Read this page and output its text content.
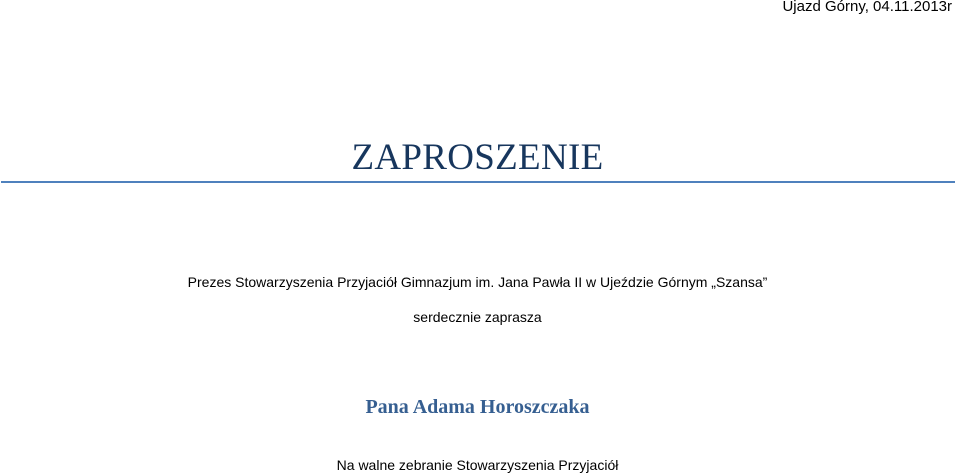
Ujazd Górny, 04.11.2013r
ZAPROSZENIE
Prezes Stowarzyszenia Przyjaciół Gimnazjum im. Jana Pawła II w Ujeździe Górnym „Szansa”
serdecznie zaprasza
Pana Adama Horoszczaka
Na walne zebranie Stowarzyszenia Przyjaciół
